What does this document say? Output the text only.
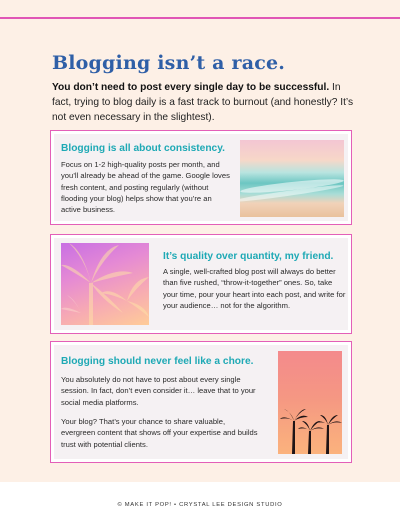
Blogging isn’t a race.

You don’t need to post every single day to be successful. In fact, trying to blog daily is a fast track to burnout (and honestly? It’s not even necessary in the slightest).

Blogging is all about consistency.
Focus on 1-2 high-quality posts per month, and you’ll already be ahead of the game. Google loves fresh content, and posting regularly (without flooding your blog) helps show that you’re an active business.
It’s quality over quantity, my friend.
A single, well-crafted blog post will always do better than five rushed, “throw-it-together” ones. So, take your time, pour your heart into each post, and write for your audience… not for the algorithm.
Blogging should never feel like a chore.
You absolutely do not have to post about every single session. In fact, don’t even consider it… leave that to your social media platforms.
Your blog? That’s your chance to share valuable, evergreen content that shows off your expertise and builds trust with potential clients.
© MAKE IT POP! • CRYSTAL LEE DESIGN STUDIO
